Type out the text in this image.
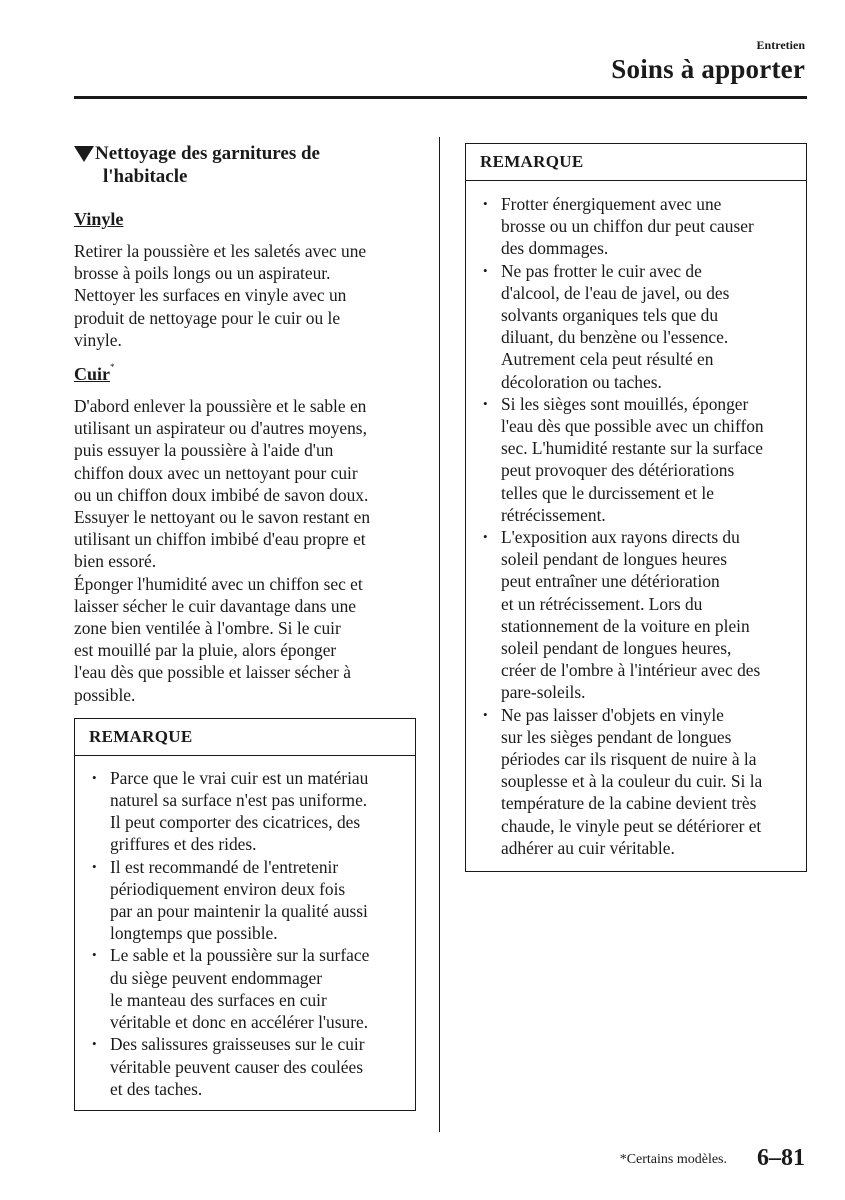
Entretien
Soins à apporter
Nettoyage des garnitures de
l'habitacle
Vinyle
Retirer la poussière et les saletés avec une
brosse à poils longs ou un aspirateur.
Nettoyer les surfaces en vinyle avec un
produit de nettoyage pour le cuir ou le
vinyle.
Cuir*
D'abord enlever la poussière et le sable en
utilisant un aspirateur ou d'autres moyens,
puis essuyer la poussière à l'aide d'un
chiffon doux avec un nettoyant pour cuir
ou un chiffon doux imbibé de savon doux.
Essuyer le nettoyant ou le savon restant en
utilisant un chiffon imbibé d'eau propre et
bien essoré.
Éponger l'humidité avec un chiffon sec et
laisser sécher le cuir davantage dans une
zone bien ventilée à l'ombre. Si le cuir
est mouillé par la pluie, alors éponger
l'eau dès que possible et laisser sécher à
possible.
REMARQUE
• Parce que le vrai cuir est un matériau
naturel sa surface n'est pas uniforme.
Il peut comporter des cicatrices, des
griffures et des rides.
• Il est recommandé de l'entretenir
périodiquement environ deux fois
par an pour maintenir la qualité aussi
longtemps que possible.
• Le sable et la poussière sur la surface
du siège peuvent endommager
le manteau des surfaces en cuir
véritable et donc en accélérer l'usure.
• Des salissures graisseuses sur le cuir
véritable peuvent causer des coulées
et des taches.
REMARQUE
• Frotter énergiquement avec une
brosse ou un chiffon dur peut causer
des dommages.
• Ne pas frotter le cuir avec de
d'alcool, de l'eau de javel, ou des
solvants organiques tels que du
diluant, du benzène ou l'essence.
Autrement cela peut résulté en
décoloration ou taches.
• Si les sièges sont mouillés, éponger
l'eau dès que possible avec un chiffon
sec. L'humidité restante sur la surface
peut provoquer des détériorations
telles que le durcissement et le
rétrécissement.
• L'exposition aux rayons directs du
soleil pendant de longues heures
peut entraîner une détérioration
et un rétrécissement. Lors du
stationnement de la voiture en plein
soleil pendant de longues heures,
créer de l'ombre à l'intérieur avec des
pare-soleils.
• Ne pas laisser d'objets en vinyle
sur les sièges pendant de longues
périodes car ils risquent de nuire à la
souplesse et à la couleur du cuir. Si la
température de la cabine devient très
chaude, le vinyle peut se détériorer et
adhérer au cuir véritable.
*Certains modèles. 6–81
